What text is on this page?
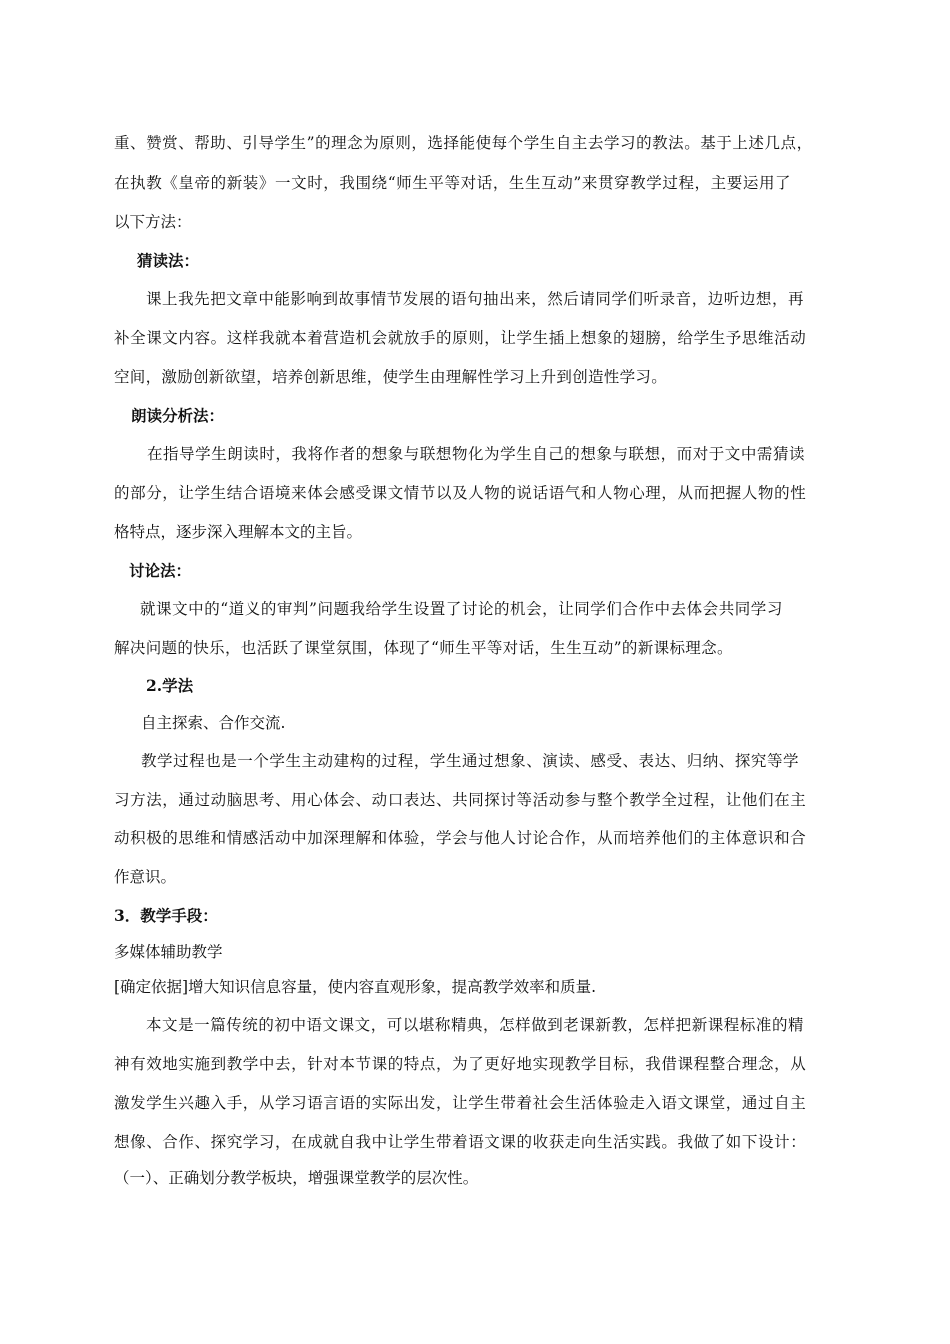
重、赞赏、帮助、引导学生”的理念为原则，选择能使每个学生自主去学习的教法。基于上述几点，

在执教《皇帝的新装》一文时，我围绕“师生平等对话，生生互动”来贯穿教学过程，主要运用了

以下方法：

猜读法：

课上我先把文章中能影响到故事情节发展的语句抽出来，然后请同学们听录音，边听边想，再

补全课文内容。这样我就本着营造机会就放手的原则，让学生插上想象的翅膀，给学生予思维活动

空间，激励创新欲望，培养创新思维，使学生由理解性学习上升到创造性学习。

朗读分析法：

在指导学生朗读时，我将作者的想象与联想物化为学生自己的想象与联想，而对于文中需猜读

的部分，让学生结合语境来体会感受课文情节以及人物的说话语气和人物心理，从而把握人物的性

格特点，逐步深入理解本文的主旨。

讨论法：

就课文中的“道义的审判”问题我给学生设置了讨论的机会，让同学们合作中去体会共同学习

解决问题的快乐，也活跃了课堂氛围，体现了“师生平等对话，生生互动”的新课标理念。

2.学法

自主探索、合作交流.

教学过程也是一个学生主动建构的过程，学生通过想象、演读、感受、表达、归纳、探究等学

习方法，通过动脑思考、用心体会、动口表达、共同探讨等活动参与整个教学全过程，让他们在主

动积极的思维和情感活动中加深理解和体验，学会与他人讨论合作，从而培养他们的主体意识和合

作意识。

3．教学手段：

多媒体辅助教学

[确定依据]增大知识信息容量，使内容直观形象，提高教学效率和质量.

本文是一篇传统的初中语文课文，可以堪称精典，怎样做到老课新教，怎样把新课程标准的精

神有效地实施到教学中去，针对本节课的特点，为了更好地实现教学目标，我借课程整合理念，从

激发学生兴趣入手，从学习语言语的实际出发，让学生带着社会生活体验走入语文课堂，通过自主

想像、合作、探究学习，在成就自我中让学生带着语文课的收获走向生活实践。我做了如下设计：

（一）、正确划分教学板块，增强课堂教学的层次性。
